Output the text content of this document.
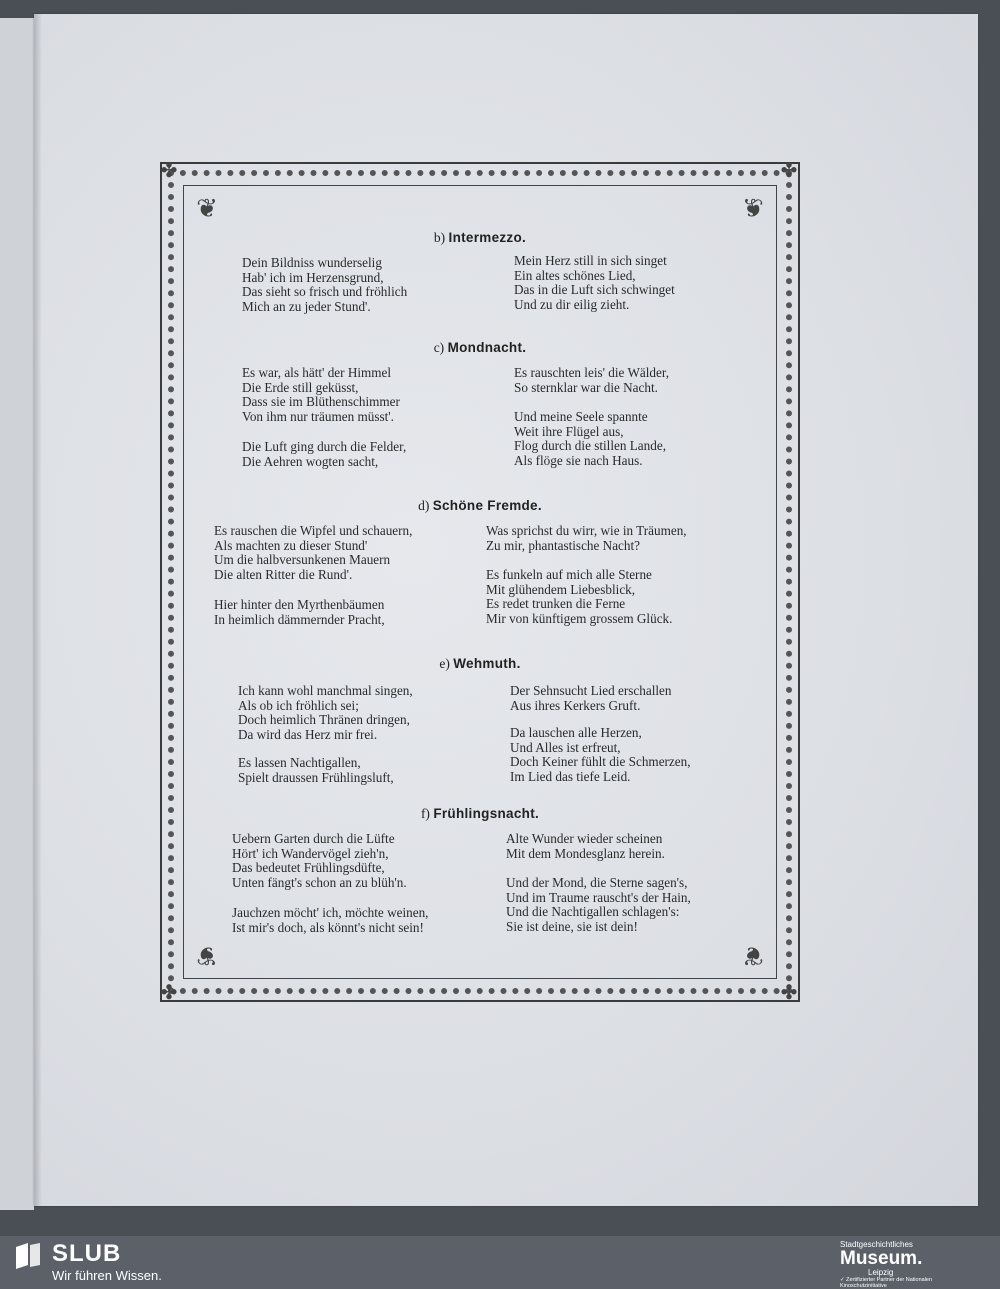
❦	❦
❦	❦
✤	✤
✤	✤
b) Intermezzo.
Dein Bildniss wunderselig
Hab' ich im Herzensgrund,
Das sieht so frisch und fröhlich
Mich an zu jeder Stund'.
Mein Herz still in sich singet
Ein altes schönes Lied,
Das in die Luft sich schwinget
Und zu dir eilig zieht.
c) Mondnacht.
Es war, als hätt' der Himmel
Die Erde still geküsst,
Dass sie im Blüthenschimmer
Von ihm nur träumen müsst'.
Die Luft ging durch die Felder,
Die Aehren wogten sacht,
Es rauschten leis' die Wälder,
So sternklar war die Nacht.
Und meine Seele spannte
Weit ihre Flügel aus,
Flog durch die stillen Lande,
Als flöge sie nach Haus.
d) Schöne Fremde.
Es rauschen die Wipfel und schauern,
Als machten zu dieser Stund'
Um die halbversunkenen Mauern
Die alten Ritter die Rund'.
Hier hinter den Myrthenbäumen
In heimlich dämmernder Pracht,
Was sprichst du wirr, wie in Träumen,
Zu mir, phantastische Nacht?
Es funkeln auf mich alle Sterne
Mit glühendem Liebesblick,
Es redet trunken die Ferne
Mir von künftigem grossem Glück.
e) Wehmuth.
Ich kann wohl manchmal singen,
Als ob ich fröhlich sei;
Doch heimlich Thränen dringen,
Da wird das Herz mir frei.
Es lassen Nachtigallen,
Spielt draussen Frühlingsluft,
Der Sehnsucht Lied erschallen
Aus ihres Kerkers Gruft.
Da lauschen alle Herzen,
Und Alles ist erfreut,
Doch Keiner fühlt die Schmerzen,
Im Lied das tiefe Leid.
f) Frühlingsnacht.
Uebern Garten durch die Lüfte
Hört' ich Wandervögel zieh'n,
Das bedeutet Frühlingsdüfte,
Unten fängt's schon an zu blüh'n.
Jauchzen möcht' ich, möchte weinen,
Ist mir's doch, als könnt's nicht sein!
Alte Wunder wieder scheinen
Mit dem Mondesglanz herein.
Und der Mond, die Sterne sagen's,
Und im Traume rauscht's der Hain,
Und die Nachtigallen schlagen's:
Sie ist deine, sie ist dein!
SLUB
Wir führen Wissen.
Stadtgeschichtliches
Museum.
Leipzig
✓ Zertifizierter Partner der Nationalen Kinoschutzinitiative
